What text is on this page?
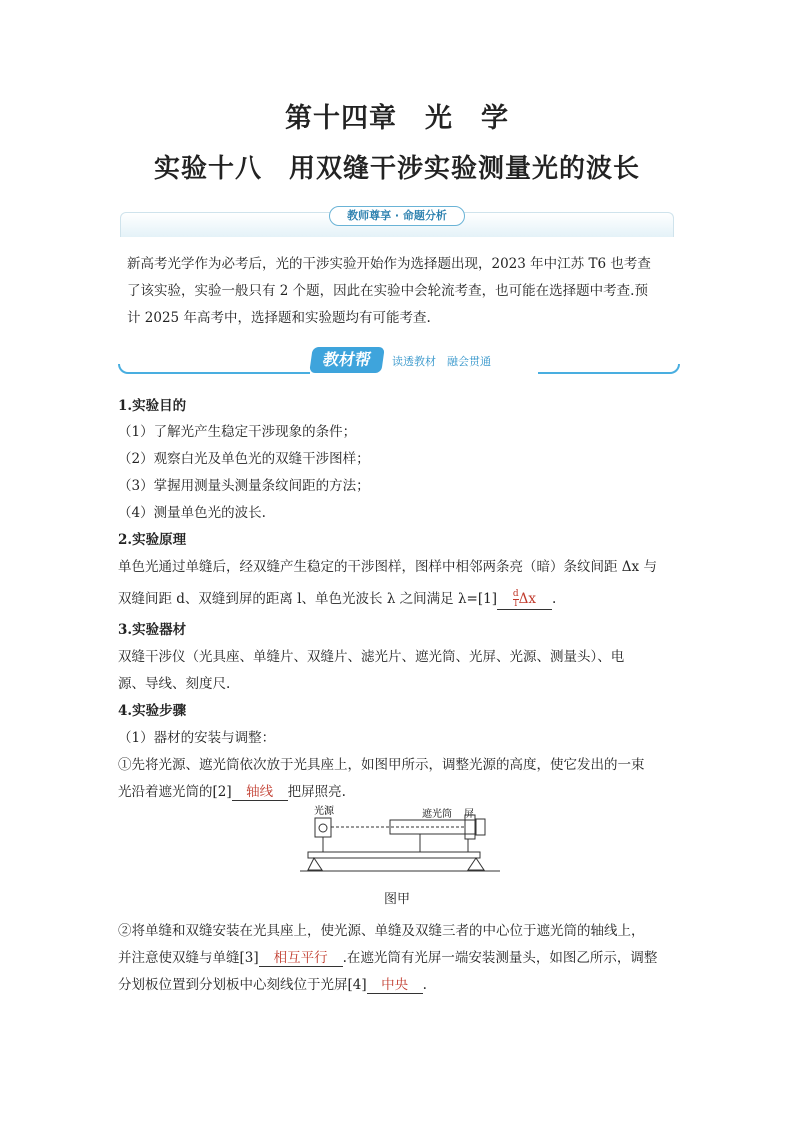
第十四章　光　学
实验十八　用双缝干涉实验测量光的波长
教师尊享 · 命题分析
新高考光学作为必考后，光的干涉实验开始作为选择题出现，2023 年中江苏 T6 也考查
了该实验，实验一般只有 2 个题，因此在实验中会轮流考查，也可能在选择题中考查.预
计 2025 年高考中，选择题和实验题均有可能考查.
教材帮	读透教材　融会贯通
1.实验目的
（1）了解光产生稳定干涉现象的条件；
（2）观察白光及单色光的双缝干涉图样；
（3）掌握用测量头测量条纹间距的方法；
（4）测量单色光的波长.
2.实验原理
单色光通过单缝后，经双缝产生稳定的干涉图样，图样中相邻两条亮（暗）条纹间距 Δx 与
双缝间距 d、双缝到屏的距离 l、单色光波长 λ 之间满足 $\lambda=[1] \frac{d}{l}$ Δx .
3.实验器材
双缝干涉仪（光具座、单缝片、双缝片、滤光片、遮光筒、光屏、光源、测量头）、电
源、导线、刻度尺.
4.实验步骤
（1）器材的安装与调整：
①先将光源、遮光筒依次放于光具座上，如图甲所示，调整光源的高度，使它发出的一束
光沿着遮光筒的[2] 轴线 把屏照亮.
光源	遮光筒 屏
图甲
②将单缝和双缝安装在光具座上，使光源、单缝及双缝三者的中心位于遮光筒的轴线上，
并注意使双缝与单缝[3] 相互平行 .在遮光筒有光屏一端安装测量头，如图乙所示，调整
分划板位置到分划板中心刻线位于光屏[4] 中央 .
